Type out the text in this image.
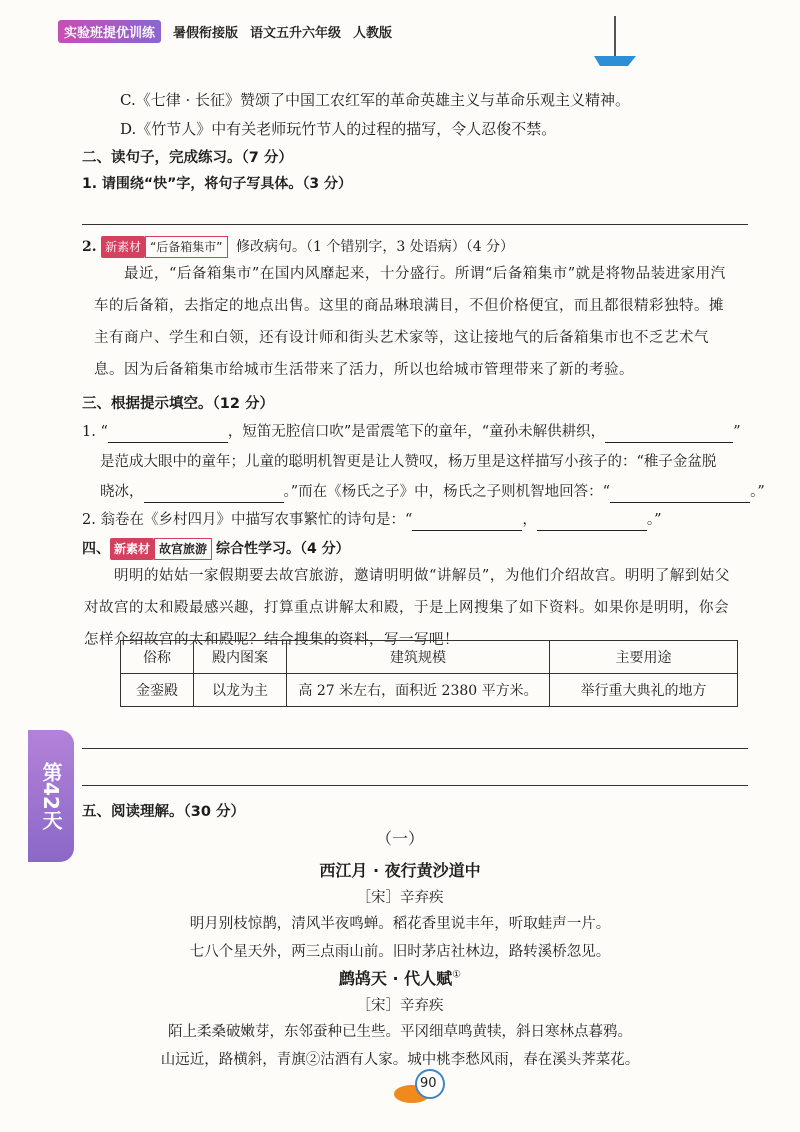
实验班提优训练	暑假衔接版 语文五升六年级 人教版
C.《七律 · 长征》赞颂了中国工农红军的革命英雄主义与革命乐观主义精神。
D.《竹节人》中有关老师玩竹节人的过程的描写，令人忍俊不禁。
二、读句子，完成练习。（7 分）
1. 请围绕“快”字，将句子写具体。（3 分）
2. 新素材 “后备箱集市” 修改病句。（1 个错别字，3 处语病）（4 分）
最近，“后备箱集市”在国内风靡起来，十分盛行。所谓“后备箱集市”就是将物品装进家用汽车的后备箱，去指定的地点出售。这里的商品琳琅满目，不但价格便宜，而且都很精彩独特。摊主有商户、学生和白领，还有设计师和街头艺术家等，这让接地气的后备箱集市也不乏艺术气息。因为后备箱集市给城市生活带来了活力，所以也给城市管理带来了新的考验。
三、根据提示填空。（12 分）
1. “	，短笛无腔信口吹”是雷震笔下的童年，“童孙未解供耕织，	”
是范成大眼中的童年；儿童的聪明机智更是让人赞叹，杨万里是这样描写小孩子的：“稚子金盆脱
晓冰，	。”而在《杨氏之子》中，杨氏之子则机智地回答：“	。”
2. 翁卷在《乡村四月》中描写农事繁忙的诗句是：“	，	。”
四、 新素材 故宫旅游 综合性学习。（4 分）
明明的姑姑一家假期要去故宫旅游，邀请明明做“讲解员”，为他们介绍故宫。明明了解到姑父对故宫的太和殿最感兴趣，打算重点讲解太和殿，于是上网搜集了如下资料。如果你是明明，你会怎样介绍故宫的太和殿呢？结合搜集的资料，写一写吧！
俗称	殿内图案	建筑规模	主要用途
金銮殿	以龙为主	高 27 米左右，面积近 2380 平方米。	举行重大典礼的地方
第42天	五、阅读理解。（30 分）
（一）
西江月 · 夜行黄沙道中
［宋］辛弃疾
明月别枝惊鹊，清风半夜鸣蝉。稻花香里说丰年，听取蛙声一片。
七八个星天外，两三点雨山前。旧时茅店社林边，路转溪桥忽见。
鹧鸪天 · 代人赋①
［宋］辛弃疾
陌上柔桑破嫩芽，东邻蚕种已生些。平冈细草鸣黄犊，斜日寒林点暮鸦。
山远近，路横斜，青旗②沽酒有人家。城中桃李愁风雨，春在溪头荠菜花。
90
